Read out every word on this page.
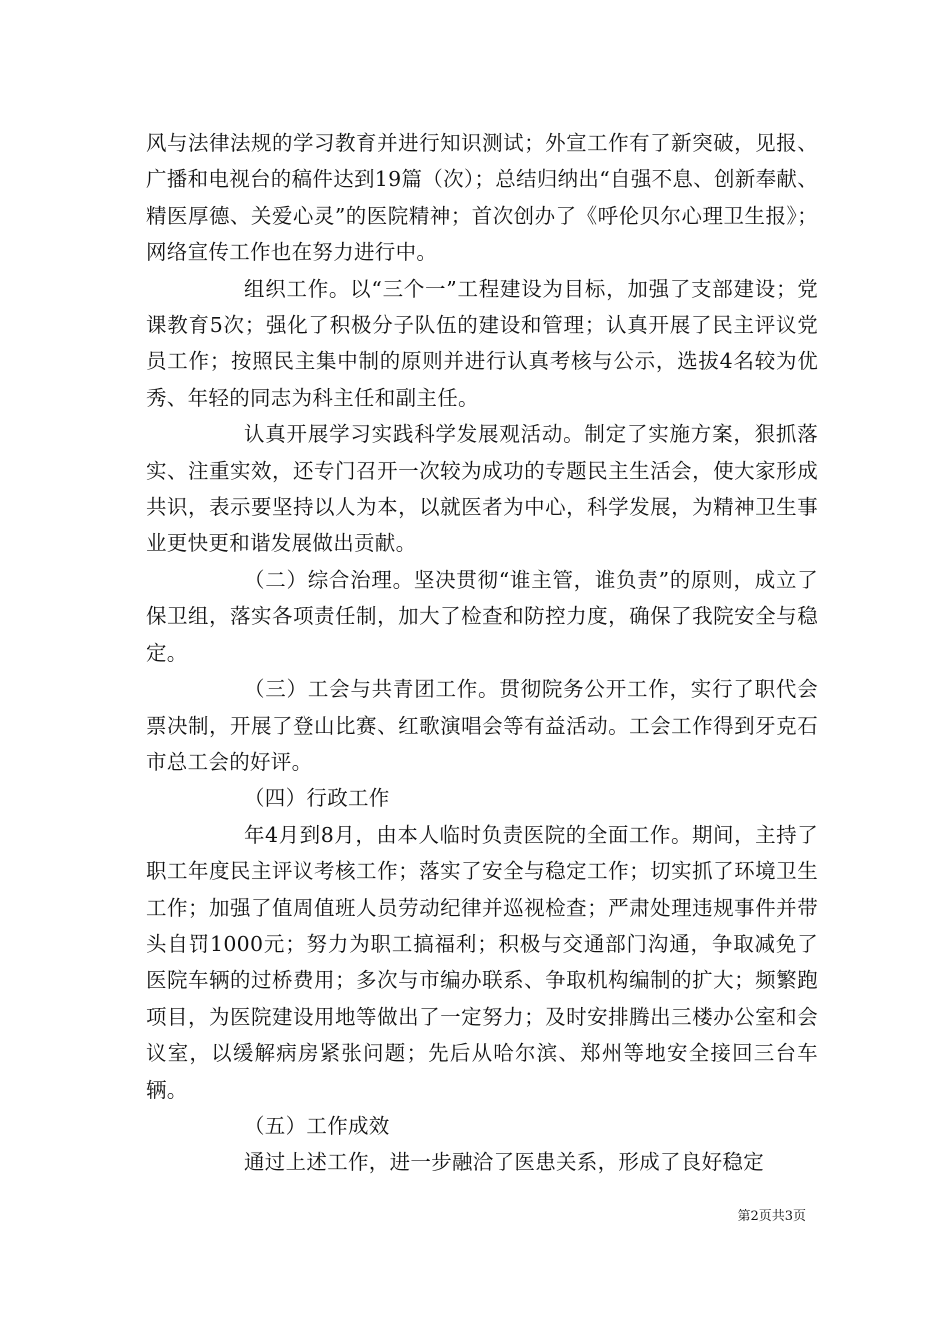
风与法律法规的学习教育并进行知识测试；外宣工作有了新突破，见报、广播和电视台的稿件达到19篇（次）；总结归纳出“自强不息、创新奉献、精医厚德、关爱心灵”的医院精神；首次创办了《呼伦贝尔心理卫生报》；网络宣传工作也在努力进行中。

组织工作。以“三个一”工程建设为目标，加强了支部建设；党课教育5次；强化了积极分子队伍的建设和管理；认真开展了民主评议党员工作；按照民主集中制的原则并进行认真考核与公示，选拔4名较为优秀、年轻的同志为科主任和副主任。

认真开展学习实践科学发展观活动。制定了实施方案，狠抓落实、注重实效，还专门召开一次较为成功的专题民主生活会，使大家形成共识，表示要坚持以人为本，以就医者为中心，科学发展，为精神卫生事业更快更和谐发展做出贡献。

（二）综合治理。坚决贯彻“谁主管，谁负责”的原则，成立了保卫组，落实各项责任制，加大了检查和防控力度，确保了我院安全与稳定。

（三）工会与共青团工作。贯彻院务公开工作，实行了职代会票决制，开展了登山比赛、红歌演唱会等有益活动。工会工作得到牙克石市总工会的好评。

（四）行政工作

年4月到8月，由本人临时负责医院的全面工作。期间，主持了职工年度民主评议考核工作；落实了安全与稳定工作；切实抓了环境卫生工作；加强了值周值班人员劳动纪律并巡视检查；严肃处理违规事件并带头自罚1000元；努力为职工搞福利；积极与交通部门沟通，争取减免了医院车辆的过桥费用；多次与市编办联系、争取机构编制的扩大；频繁跑项目，为医院建设用地等做出了一定努力；及时安排腾出三楼办公室和会议室，以缓解病房紧张问题；先后从哈尔滨、郑州等地安全接回三台车辆。

（五）工作成效

通过上述工作，进一步融洽了医患关系，形成了良好稳定

第2页共3页
